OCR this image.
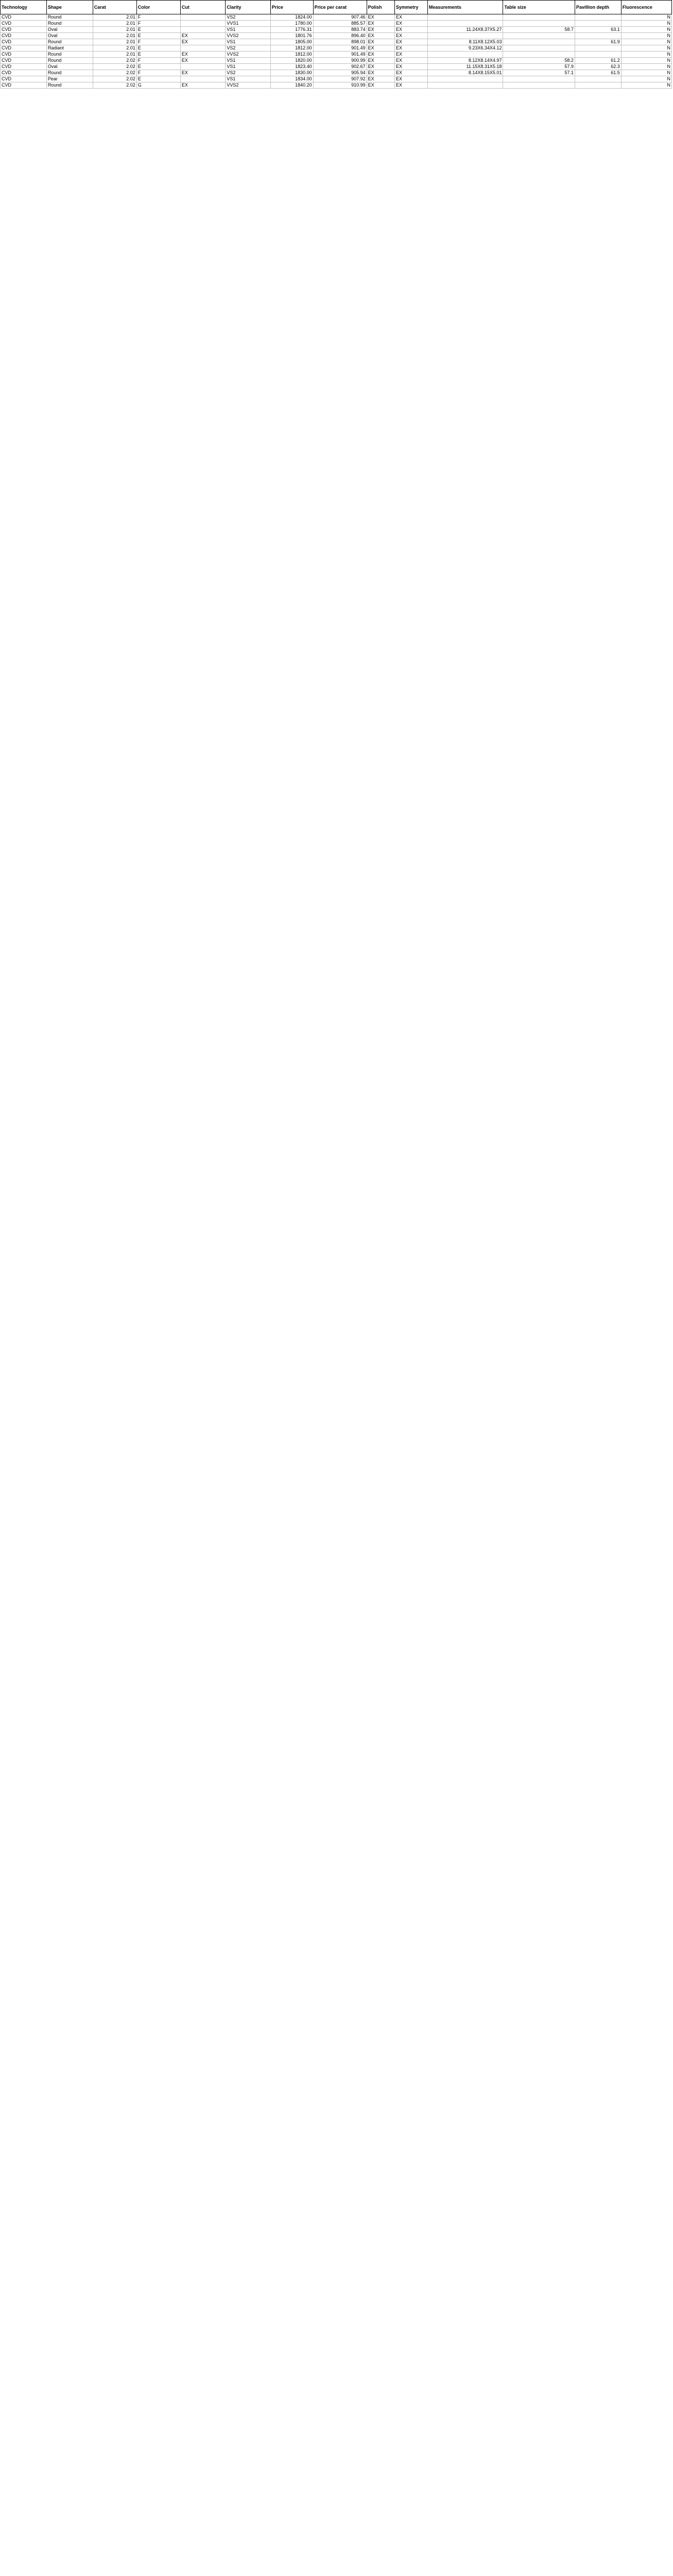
Technology	Shape	Carat	Color	Cut	Clarity	Price	Price per carat	Polish	Symmetry	Measurements	Table size	Pavillion depth	Fluorescence
CVD	Round	2.01	F		VS2	1824.00	907.46	EX	EX				N
CVD	Round	2.01	F		VVS1	1780.00	885.57	EX	EX				N
CVD	Oval	2.01	E		VS1	1776.31	883.74	EX	EX	11.24X8.37X5.27	58.7	63.1	N
CVD	Oval	2.01	E	EX	VVS2	1801.76	896.40	EX	EX				N
CVD	Round	2.01	F	EX	VS1	1805.00	898.01	EX	EX	8.11X8.12X5.03		61.9	N
CVD	Radiant	2.01	E		VS2	1812.00	901.49	EX	EX	9.23X6.34X4.12			N
CVD	Round	2.01	E	EX	VVS2	1812.00	901.49	EX	EX				N
CVD	Round	2.02	F	EX	VS1	1820.00	900.99	EX	EX	8.12X8.14X4.97	58.2	61.2	N
CVD	Oval	2.02	E		VS1	1823.40	902.67	EX	EX	11.15X8.31X5.18	57.9	62.3	N
CVD	Round	2.02	F	EX	VS2	1830.00	905.94	EX	EX	8.14X8.15X5.01	57.1	61.5	N
CVD	Pear	2.02	E		VS1	1834.00	907.92	EX	EX				N
CVD	Round	2.02	G	EX	VVS2	1840.20	910.99	EX	EX				N
